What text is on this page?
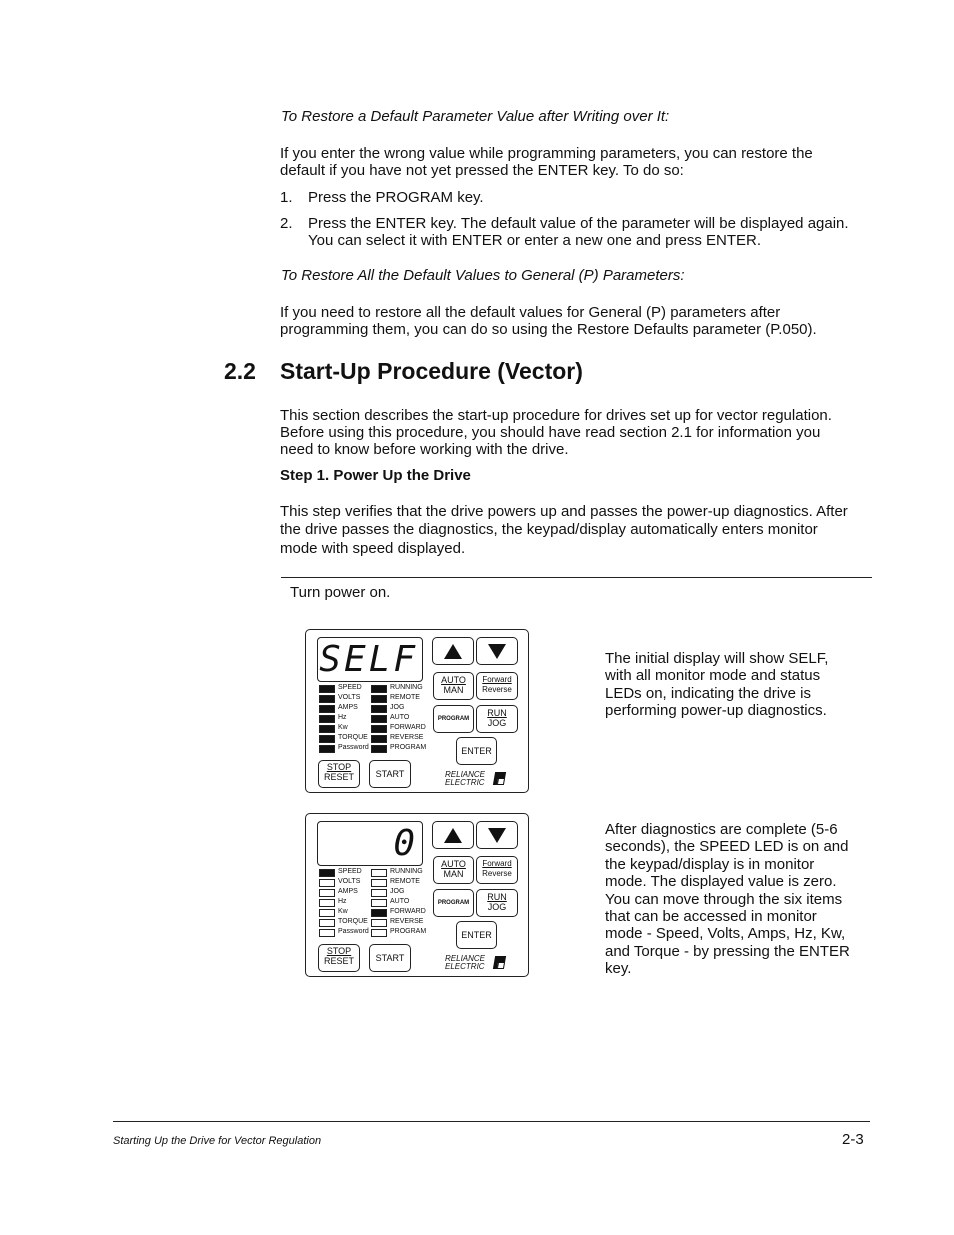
To Restore a Default Parameter Value after Writing over It:
If you enter the wrong value while programming parameters, you can restore the
default if you have not yet pressed the ENTER key. To do so:
1. Press the PROGRAM key.
2. Press the ENTER key. The default value of the parameter will be displayed again.
You can select it with ENTER or enter a new one and press ENTER.
To Restore All the Default Values to General (P) Parameters:
If you need to restore all the default values for General (P) parameters after
programming them, you can do so using the Restore Defaults parameter (P.050).
2.2 Start-Up Procedure (Vector)
This section describes the start-up procedure for drives set up for vector regulation.
Before using this procedure, you should have read section 2.1 for information you
need to know before working with the drive.
Step 1. Power Up the Drive
This step verifies that the drive powers up and passes the power-up diagnostics. After
the drive passes the diagnostics, the keypad/display automatically enters monitor
mode with speed displayed.
Turn power on.
SELF	AUTO
MAN
Forward
Reverse
PROGRAM
RUN
JOG
ENTER
STOP
RESET	START
SPEED	RUNNING
VOLTS	REMOTE
AMPS	JOG
Hz	AUTO
Kw	FORWARD
TORQUE	REVERSE
Password	PROGRAM
RELIANCE
ELECTRIC
0	AUTO
MAN
Forward
Reverse
PROGRAM
RUN
JOG
ENTER
STOP
RESET	START
SPEED	RUNNING
VOLTS	REMOTE
AMPS	JOG
Hz	AUTO
Kw	FORWARD
TORQUE	REVERSE
Password	PROGRAM
RELIANCE
ELECTRIC
The initial display will show SELF,
with all monitor mode and status
LEDs on, indicating the drive is
performing power-up diagnostics.
After diagnostics are complete (5-6
seconds), the SPEED LED is on and
the keypad/display is in monitor
mode. The displayed value is zero.
You can move through the six items
that can be accessed in monitor
mode - Speed, Volts, Amps, Hz, Kw,
and Torque - by pressing the ENTER
key.
Starting Up the Drive for Vector Regulation	2-3
